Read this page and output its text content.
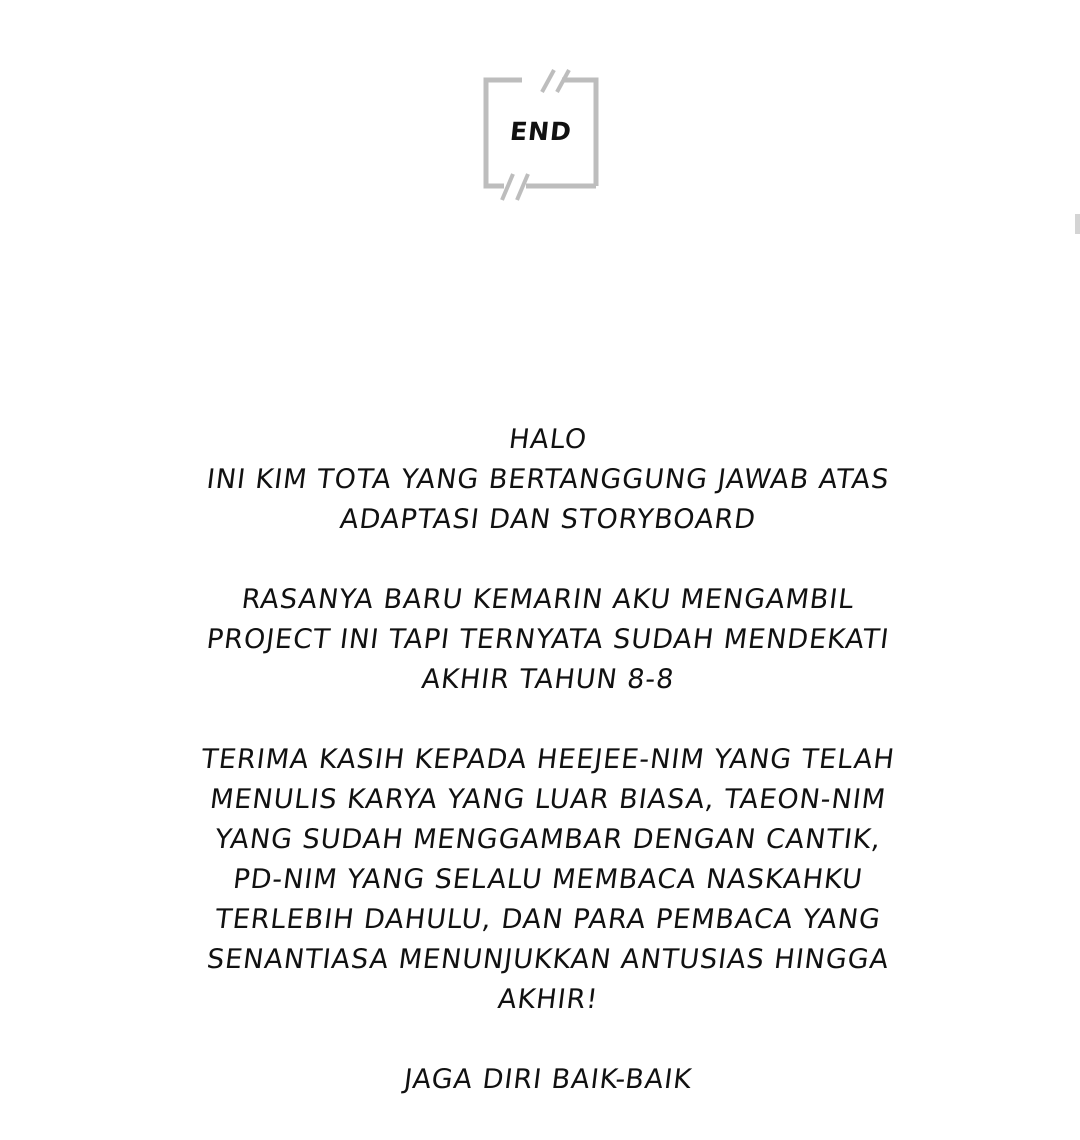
END
HALO
INI KIM TOTA YANG BERTANGGUNG JAWAB ATAS
ADAPTASI DAN STORYBOARD
RASANYA BARU KEMARIN AKU MENGAMBIL
PROJECT INI TAPI TERNYATA SUDAH MENDEKATI
AKHIR TAHUN 8-8
TERIMA KASIH KEPADA HEEJEE-NIM YANG TELAH
MENULIS KARYA YANG LUAR BIASA, TAEON-NIM
YANG SUDAH MENGGAMBAR DENGAN CANTIK,
PD-NIM YANG SELALU MEMBACA NASKAHKU
TERLEBIH DAHULU, DAN PARA PEMBACA YANG
SENANTIASA MENUNJUKKAN ANTUSIAS HINGGA
AKHIR!
JAGA DIRI BAIK-BAIK
